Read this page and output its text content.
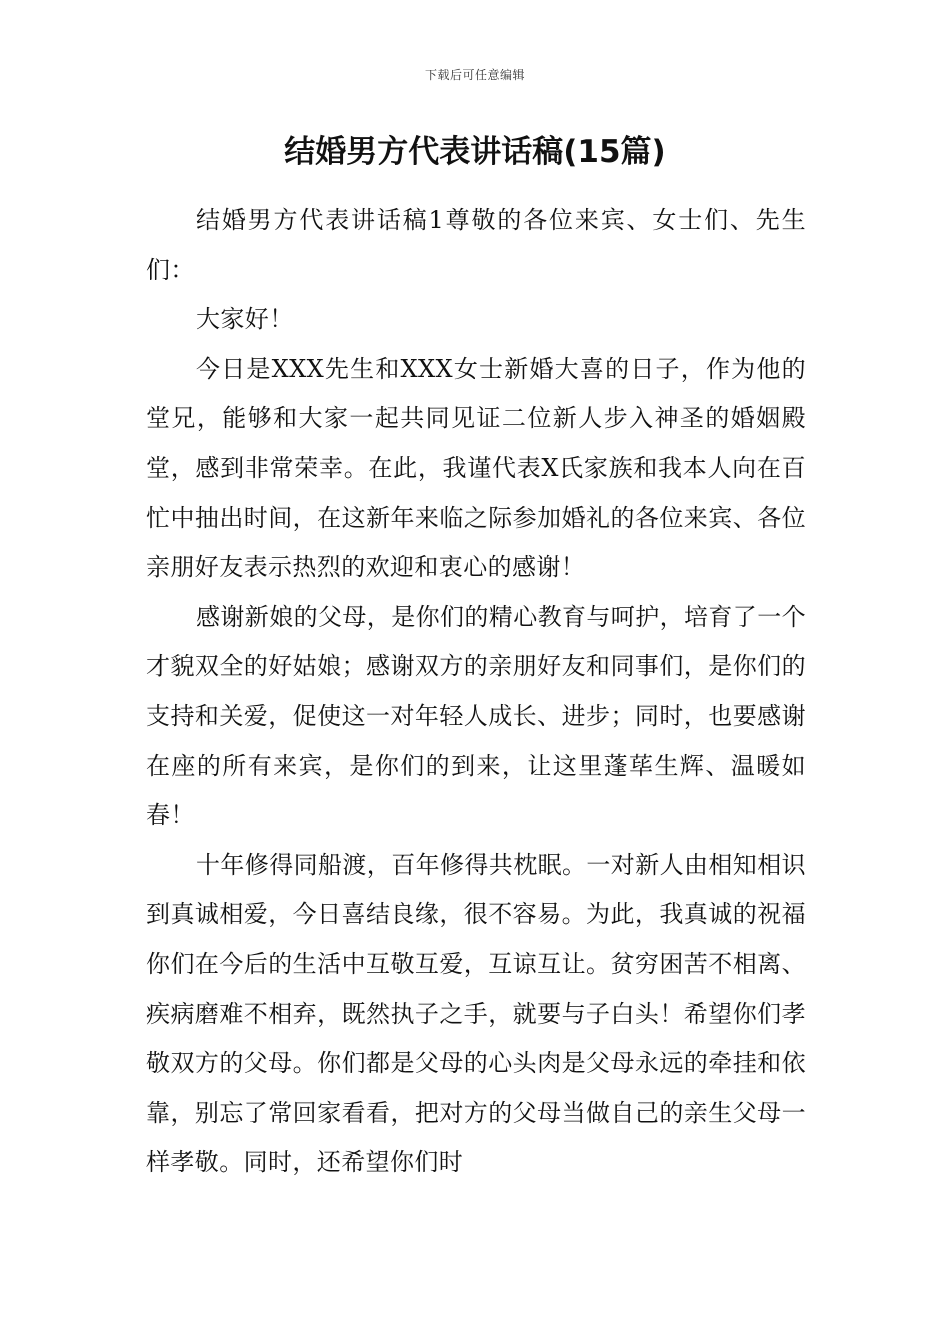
下载后可任意编辑
结婚男方代表讲话稿(15篇)

结婚男方代表讲话稿1尊敬的各位来宾、女士们、先生们：

大家好！

今日是XXX先生和XXX女士新婚大喜的日子，作为他的堂兄，能够和大家一起共同见证二位新人步入神圣的婚姻殿堂，感到非常荣幸。在此，我谨代表X氏家族和我本人向在百忙中抽出时间，在这新年来临之际参加婚礼的各位来宾、各位亲朋好友表示热烈的欢迎和衷心的感谢！

感谢新娘的父母，是你们的精心教育与呵护，培育了一个才貌双全的好姑娘；感谢双方的亲朋好友和同事们，是你们的支持和关爱，促使这一对年轻人成长、进步；同时，也要感谢在座的所有来宾，是你们的到来，让这里蓬荜生辉、温暖如春！

十年修得同船渡，百年修得共枕眠。一对新人由相知相识到真诚相爱，今日喜结良缘，很不容易。为此，我真诚的祝福你们在今后的生活中互敬互爱，互谅互让。贫穷困苦不相离、疾病磨难不相弃，既然执子之手，就要与子白头！希望你们孝敬双方的父母。你们都是父母的心头肉是父母永远的牵挂和依靠，别忘了常回家看看，把对方的父母当做自己的亲生父母一样孝敬。同时，还希望你们时
